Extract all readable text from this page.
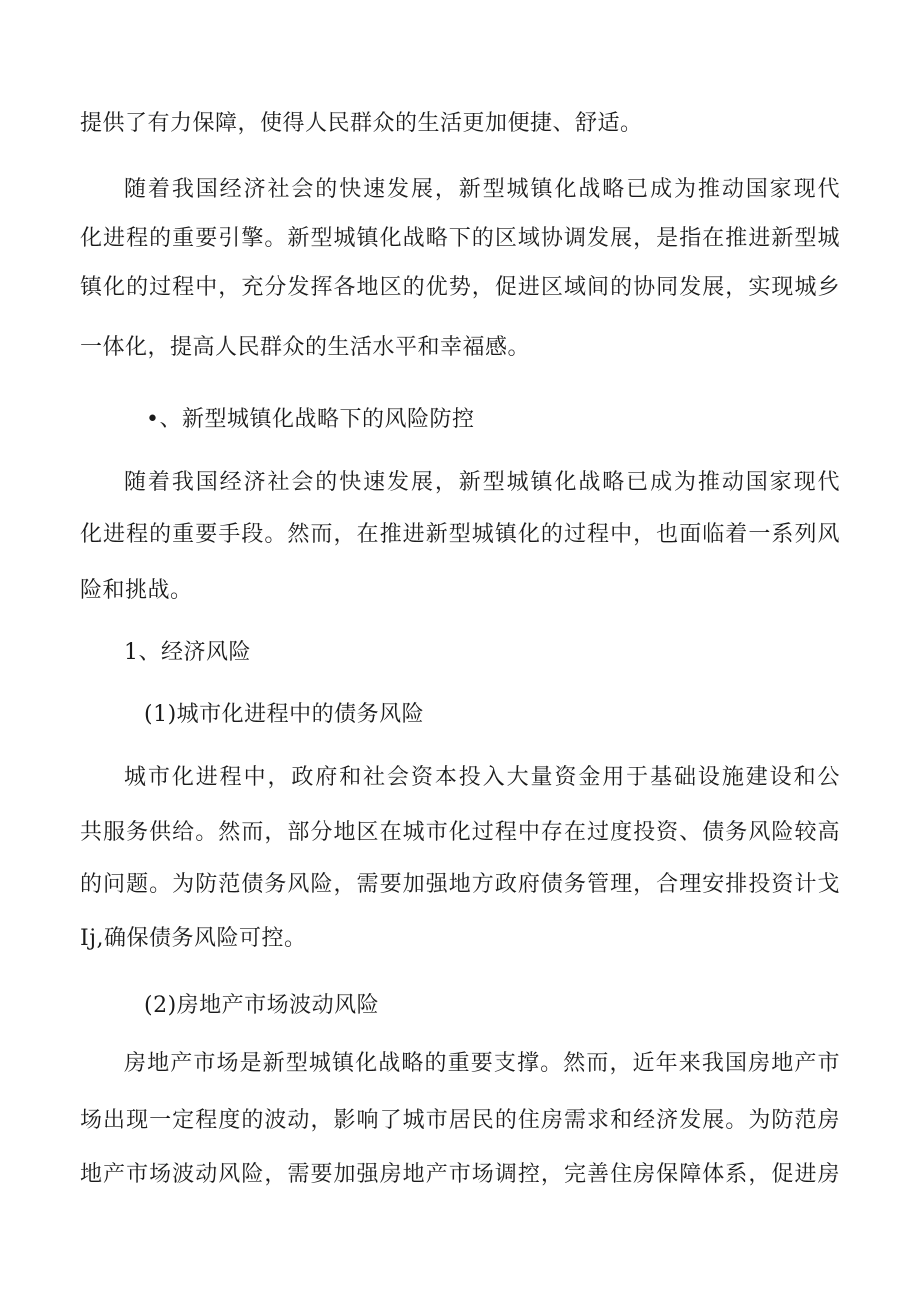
提供了有力保障，使得人民群众的生活更加便捷、舒适。
随着我国经济社会的快速发展，新型城镇化战略已成为推动国家现代
化进程的重要引擎。新型城镇化战略下的区域协调发展，是指在推进新型城
镇化的过程中，充分发挥各地区的优势，促进区域间的协同发展，实现城乡
一体化，提高人民群众的生活水平和幸福感。
•、新型城镇化战略下的风险防控
随着我国经济社会的快速发展，新型城镇化战略已成为推动国家现代
化进程的重要手段。然而，在推进新型城镇化的过程中，也面临着一系列风
险和挑战。
1、经济风险
(1)城市化进程中的债务风险
城市化进程中，政府和社会资本投入大量资金用于基础设施建设和公
共服务供给。然而，部分地区在城市化过程中存在过度投资、债务风险较高
的问题。为防范债务风险，需要加强地方政府债务管理，合理安排投资计戈
Ij,确保债务风险可控。
(2)房地产市场波动风险
房地产市场是新型城镇化战略的重要支撑。然而，近年来我国房地产市
场出现一定程度的波动，影响了城市居民的住房需求和经济发展。为防范房
地产市场波动风险，需要加强房地产市场调控，完善住房保障体系，促进房
